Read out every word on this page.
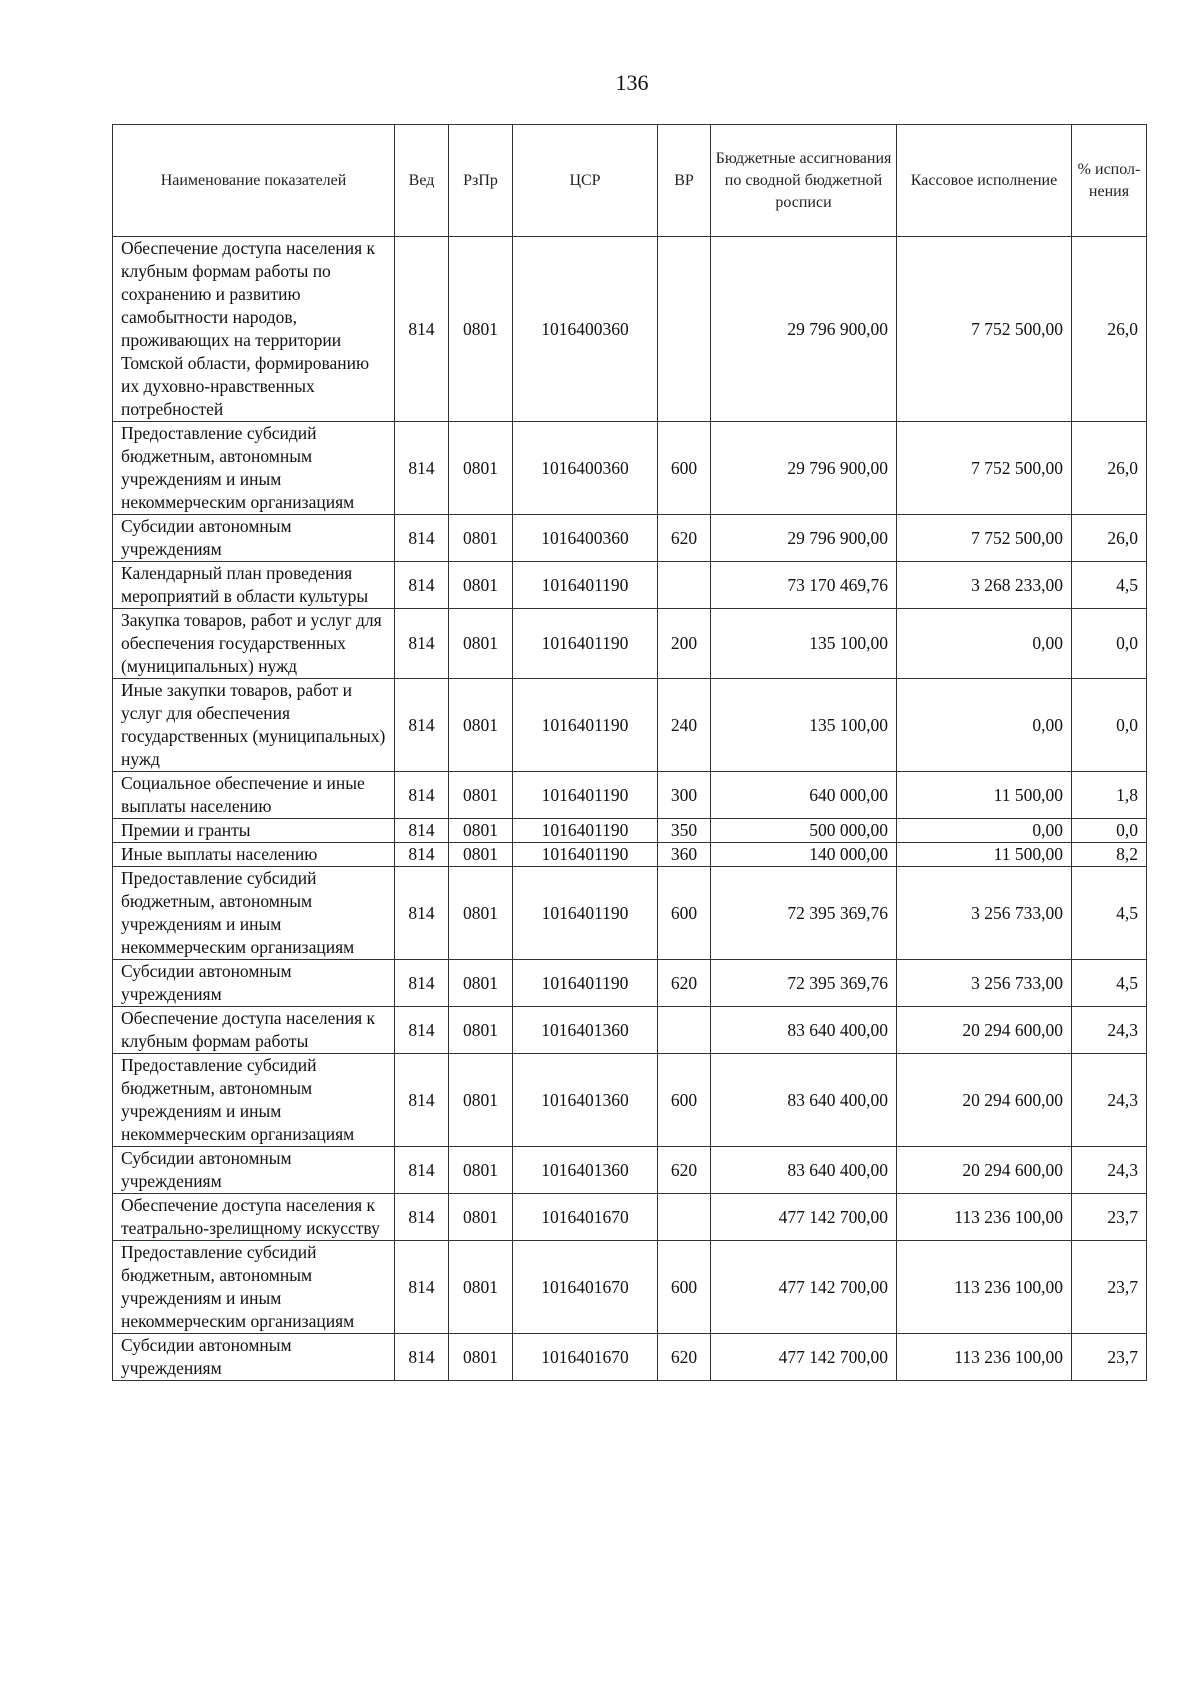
136
Наименование показателей	Вед	РзПр	ЦСР	ВР	Бюджетные ассигнования по сводной бюджетной росписи	Кассовое исполнение	% испол-нения
Обеспечение доступа населения к клубным формам работы по сохранению и развитию самобытности народов, проживающих на территории Томской области, формированию их духовно-нравственных потребностей	814	0801	1016400360		29 796 900,00	7 752 500,00	26,0
Предоставление субсидий бюджетным, автономным учреждениям и иным некоммерческим организациям	814	0801	1016400360	600	29 796 900,00	7 752 500,00	26,0
Субсидии автономным учреждениям	814	0801	1016400360	620	29 796 900,00	7 752 500,00	26,0
Календарный план проведения мероприятий в области культуры	814	0801	1016401190		73 170 469,76	3 268 233,00	4,5
Закупка товаров, работ и услуг для обеспечения государственных (муниципальных) нужд	814	0801	1016401190	200	135 100,00	0,00	0,0
Иные закупки товаров, работ и услуг для обеспечения государственных (муниципальных) нужд	814	0801	1016401190	240	135 100,00	0,00	0,0
Социальное обеспечение и иные выплаты населению	814	0801	1016401190	300	640 000,00	11 500,00	1,8
Премии и гранты	814	0801	1016401190	350	500 000,00	0,00	0,0
Иные выплаты населению	814	0801	1016401190	360	140 000,00	11 500,00	8,2
Предоставление субсидий бюджетным, автономным учреждениям и иным некоммерческим организациям	814	0801	1016401190	600	72 395 369,76	3 256 733,00	4,5
Субсидии автономным учреждениям	814	0801	1016401190	620	72 395 369,76	3 256 733,00	4,5
Обеспечение доступа населения к клубным формам работы	814	0801	1016401360		83 640 400,00	20 294 600,00	24,3
Предоставление субсидий бюджетным, автономным учреждениям и иным некоммерческим организациям	814	0801	1016401360	600	83 640 400,00	20 294 600,00	24,3
Субсидии автономным учреждениям	814	0801	1016401360	620	83 640 400,00	20 294 600,00	24,3
Обеспечение доступа населения к театрально-зрелищному искусству	814	0801	1016401670		477 142 700,00	113 236 100,00	23,7
Предоставление субсидий бюджетным, автономным учреждениям и иным некоммерческим организациям	814	0801	1016401670	600	477 142 700,00	113 236 100,00	23,7
Субсидии автономным учреждениям	814	0801	1016401670	620	477 142 700,00	113 236 100,00	23,7
